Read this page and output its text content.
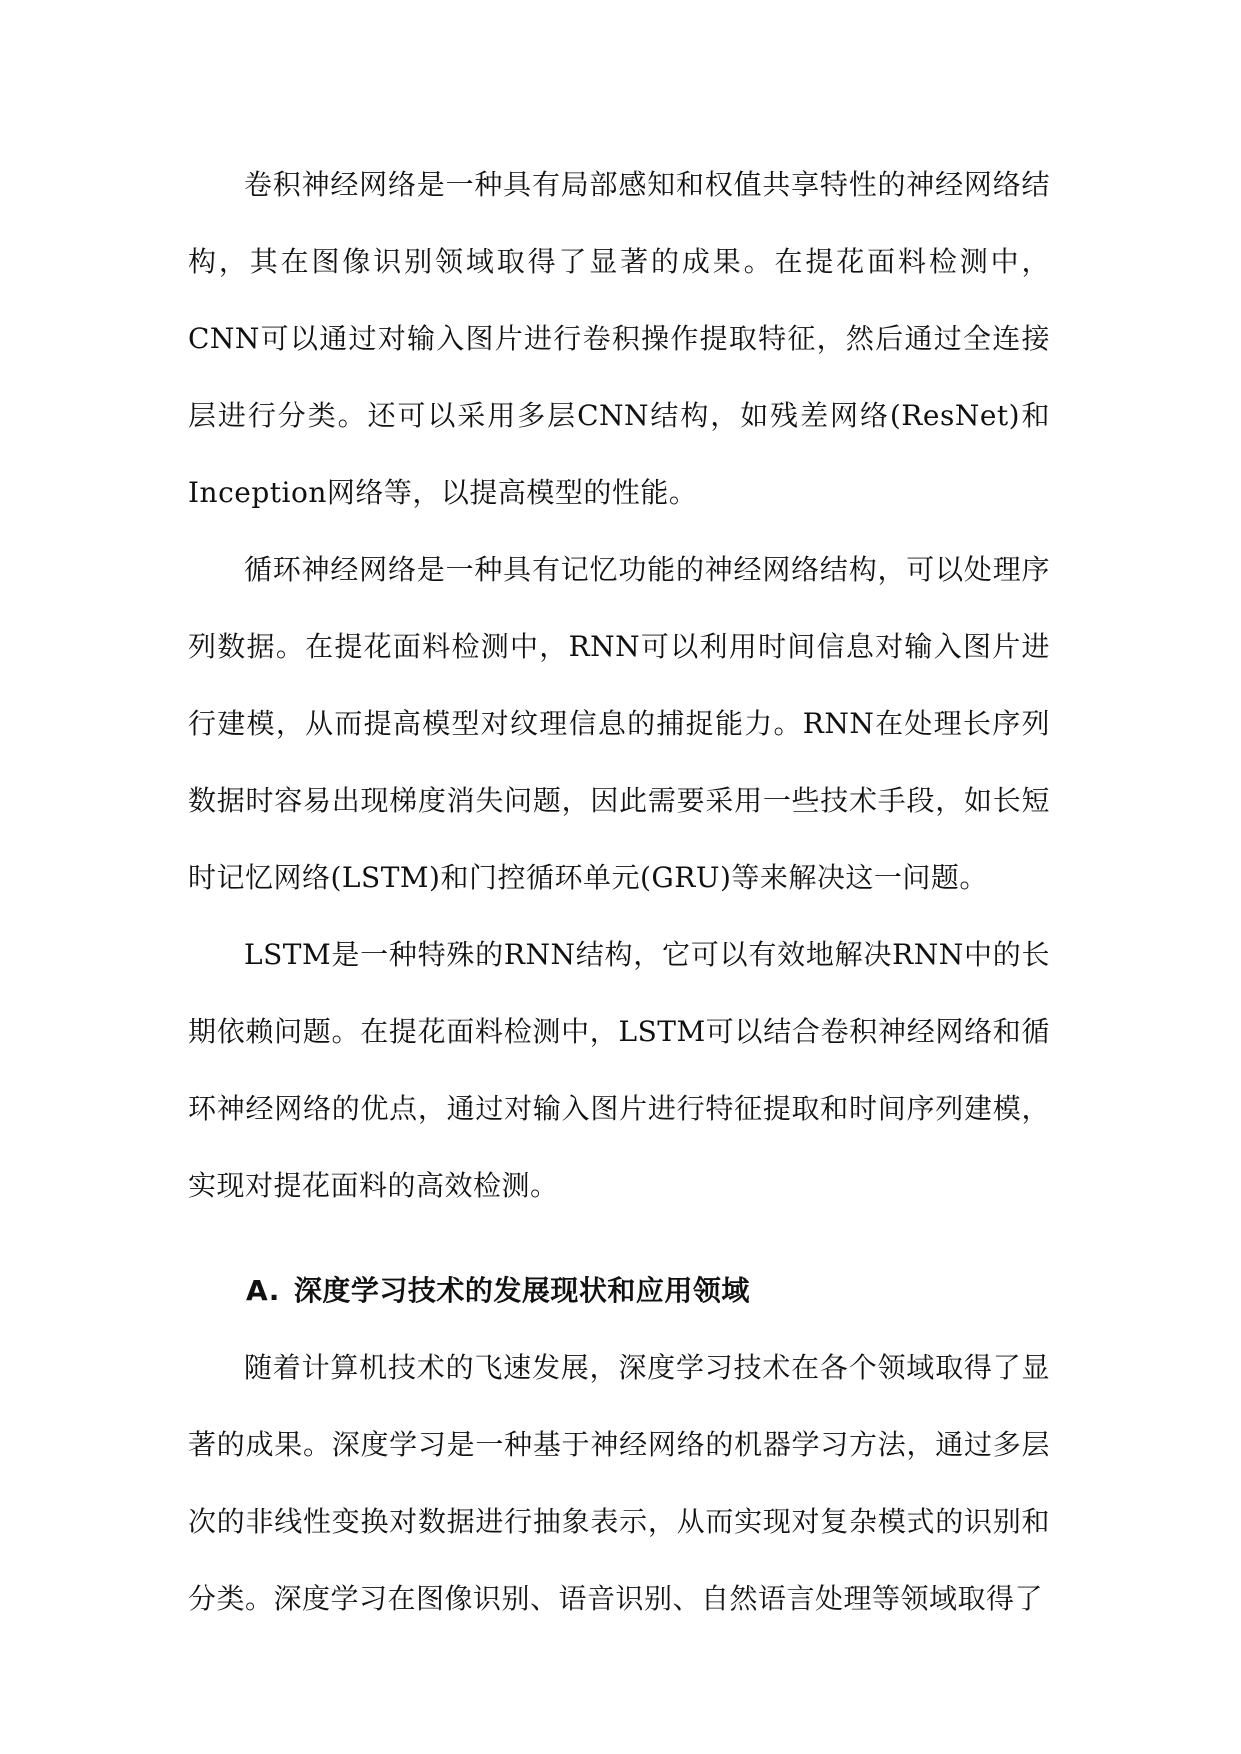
卷积神经网络是一种具有局部感知和权值共享特性的神经网络结构，其在图像识别领域取得了显著的成果。在提花面料检测中，CNN可以通过对输入图片进行卷积操作提取特征，然后通过全连接层进行分类。还可以采用多层CNN结构，如残差网络(ResNet)和Inception网络等，以提高模型的性能。

循环神经网络是一种具有记忆功能的神经网络结构，可以处理序列数据。在提花面料检测中，RNN可以利用时间信息对输入图片进行建模，从而提高模型对纹理信息的捕捉能力。RNN在处理长序列数据时容易出现梯度消失问题，因此需要采用一些技术手段，如长短时记忆网络(LSTM)和门控循环单元(GRU)等来解决这一问题。

LSTM是一种特殊的RNN结构，它可以有效地解决RNN中的长期依赖问题。在提花面料检测中，LSTM可以结合卷积神经网络和循环神经网络的优点，通过对输入图片进行特征提取和时间序列建模，实现对提花面料的高效检测。

A. 深度学习技术的发展现状和应用领域

随着计算机技术的飞速发展，深度学习技术在各个领域取得了显著的成果。深度学习是一种基于神经网络的机器学习方法，通过多层次的非线性变换对数据进行抽象表示，从而实现对复杂模式的识别和分类。深度学习在图像识别、语音识别、自然语言处理等领域取得了
